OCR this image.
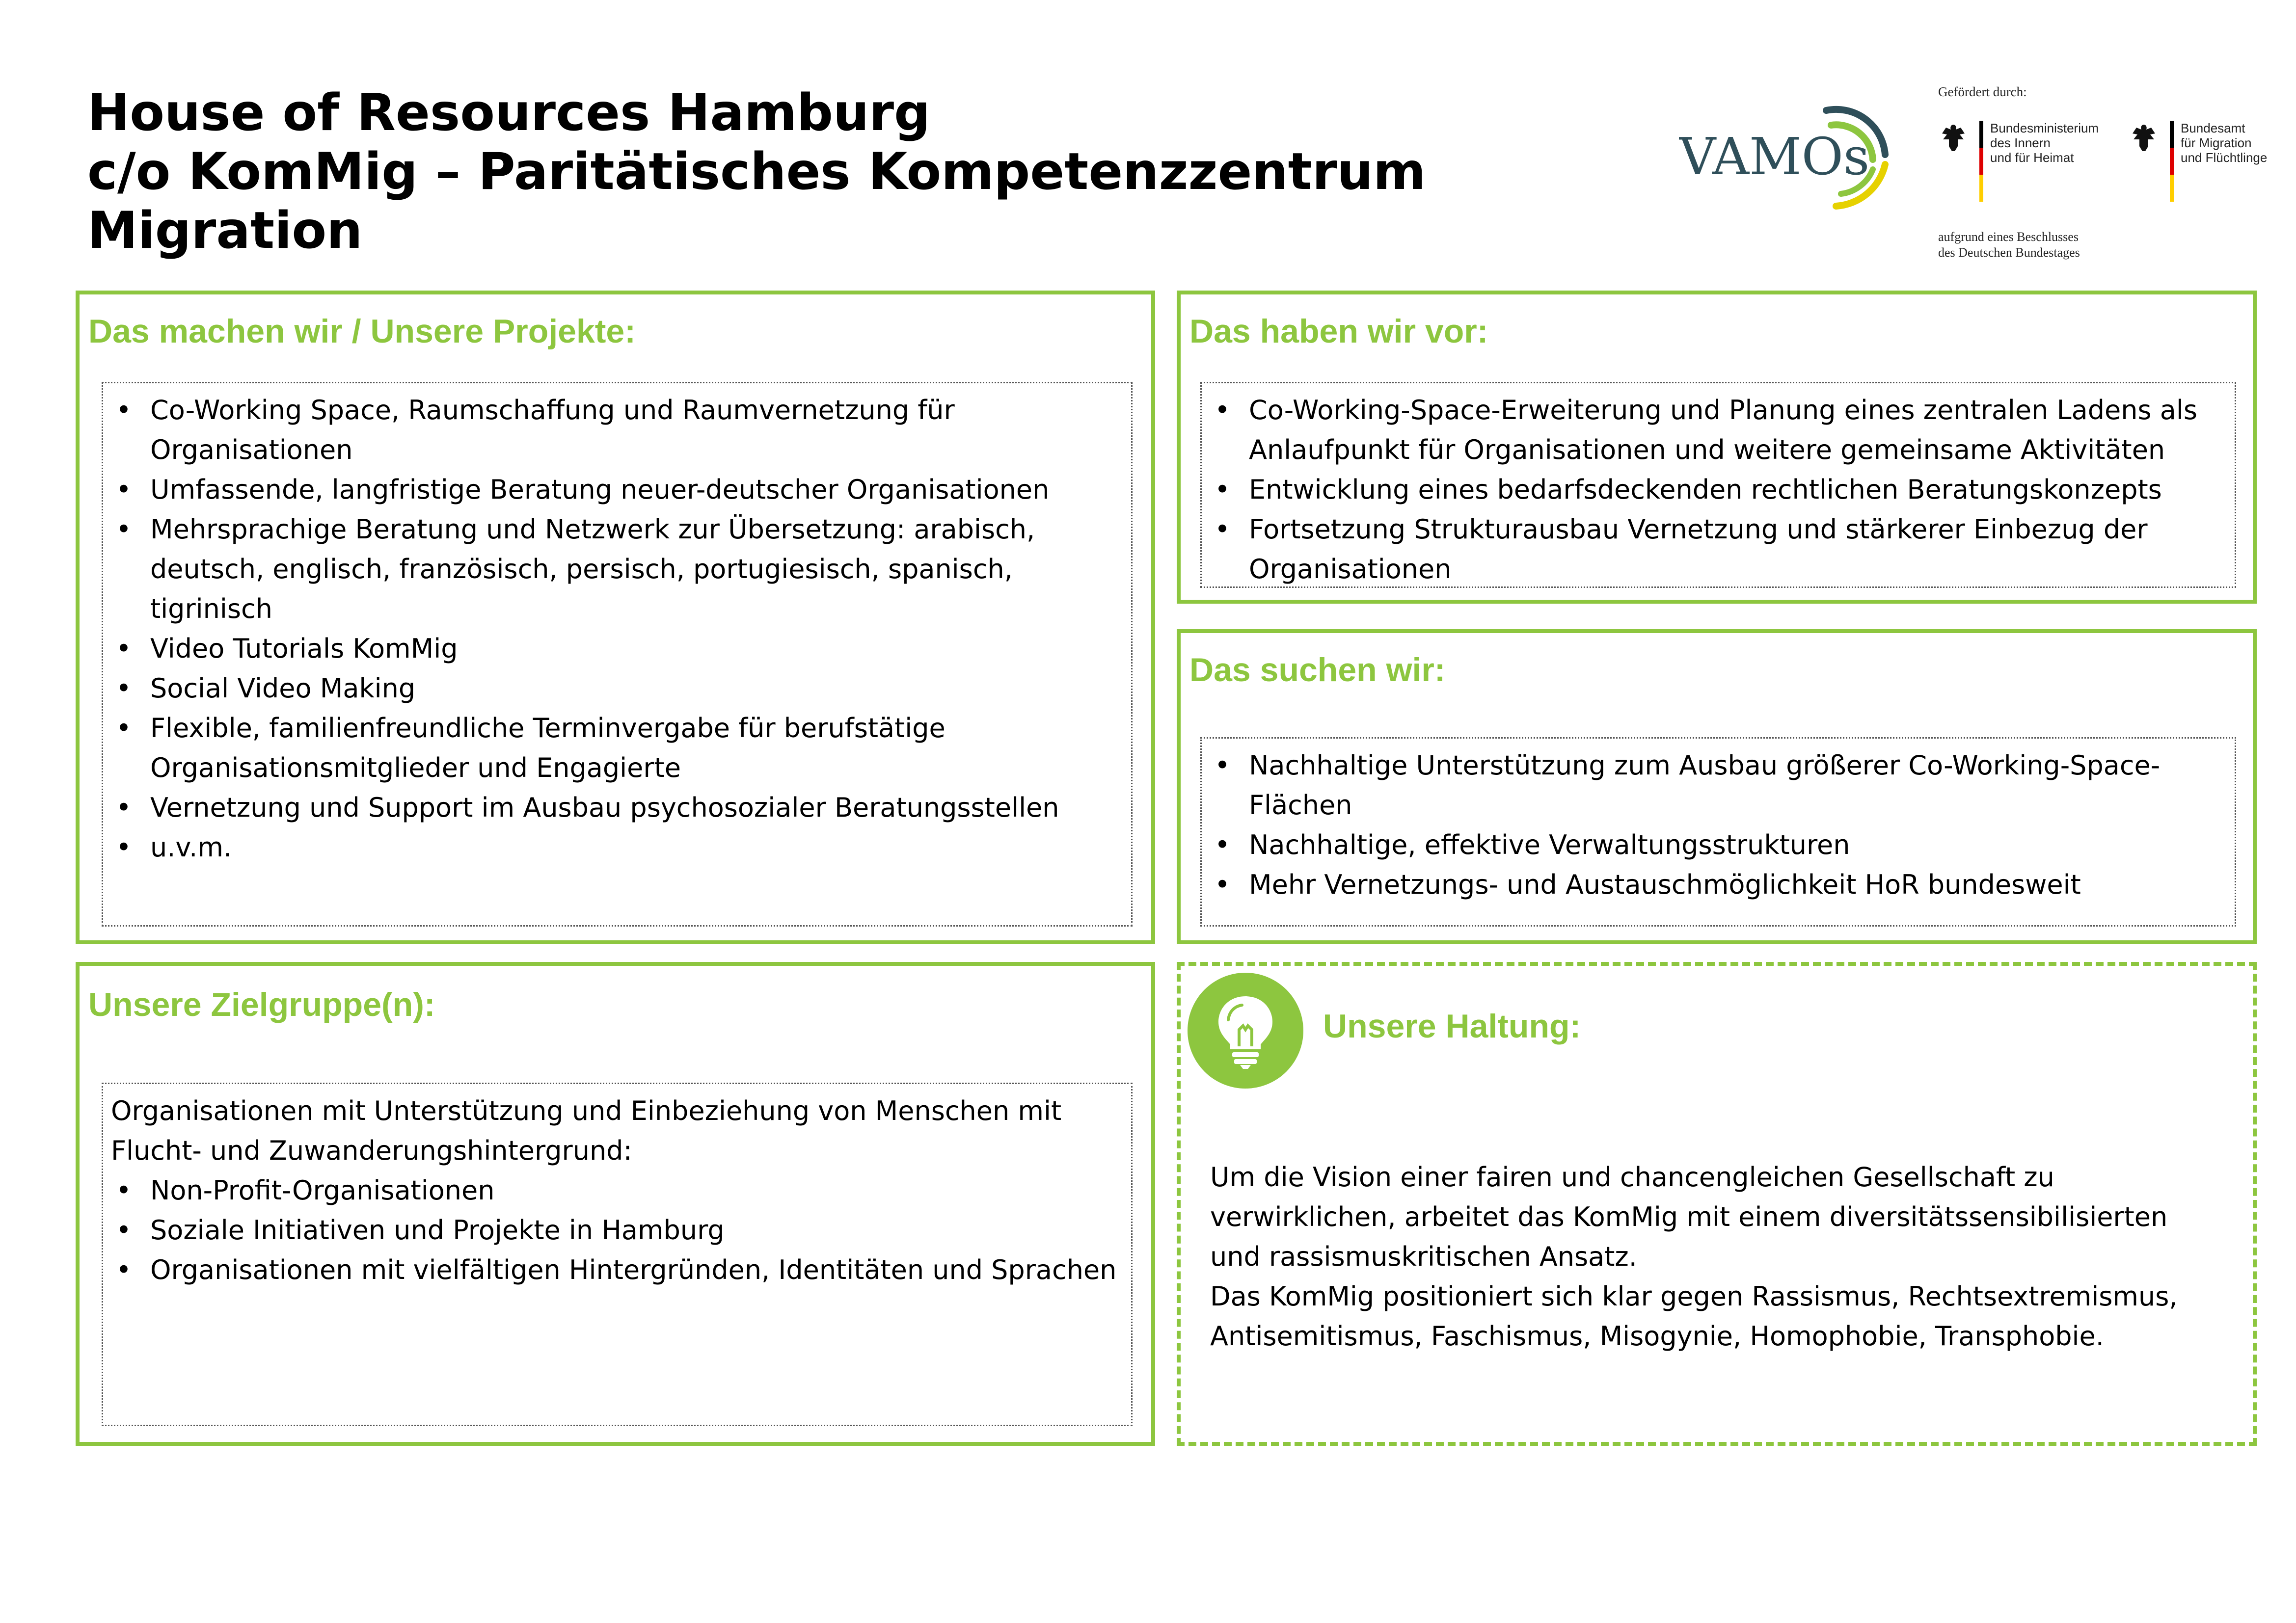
House of Resources Hamburg
c/o KomMig – Paritätisches Kompetenzzentrum
Migration
VAMOs
Gefördert durch:
Bundesministerium
des Innern
und für Heimat
Bundesamt
für Migration
und Flüchtlinge
aufgrund eines Beschlusses
des Deutschen Bundestages
Das machen wir / Unsere Projekte:
• Co-Working Space, Raumschaffung und Raumvernetzung für Organisationen
• Umfassende, langfristige Beratung neuer-deutscher Organisationen
• Mehrsprachige Beratung und Netzwerk zur Übersetzung: arabisch, deutsch, englisch, französisch, persisch, portugiesisch, spanisch, tigrinisch
• Video Tutorials KomMig
• Social Video Making
• Flexible, familienfreundliche Terminvergabe für berufstätige Organisationsmitglieder und Engagierte
• Vernetzung und Support im Ausbau psychosozialer Beratungsstellen
• u.v.m.
Das haben wir vor:
• Co-Working-Space-Erweiterung und Planung eines zentralen Ladens als Anlaufpunkt für Organisationen und weitere gemeinsame Aktivitäten
• Entwicklung eines bedarfsdeckenden rechtlichen Beratungskonzepts
• Fortsetzung Strukturausbau Vernetzung und stärkerer Einbezug der Organisationen
Das suchen wir:
• Nachhaltige Unterstützung zum Ausbau größerer Co-Working-Space-Flächen
• Nachhaltige, effektive Verwaltungsstrukturen
• Mehr Vernetzungs- und Austauschmöglichkeit HoR bundesweit
Unsere Zielgruppe(n):

Organisationen mit Unterstützung und Einbeziehung von Menschen mit Flucht- und Zuwanderungshintergrund:

• Non-Profit-Organisationen
• Soziale Initiativen und Projekte in Hamburg
• Organisationen mit vielfältigen Hintergründen, Identitäten und Sprachen
Unsere Haltung:

Um die Vision einer fairen und chancengleichen Gesellschaft zu verwirklichen, arbeitet das KomMig mit einem diversitätssensibilisierten und rassismuskritischen Ansatz.

Das KomMig positioniert sich klar gegen Rassismus, Rechtsextremismus, Antisemitismus, Faschismus, Misogynie, Homophobie, Transphobie.
